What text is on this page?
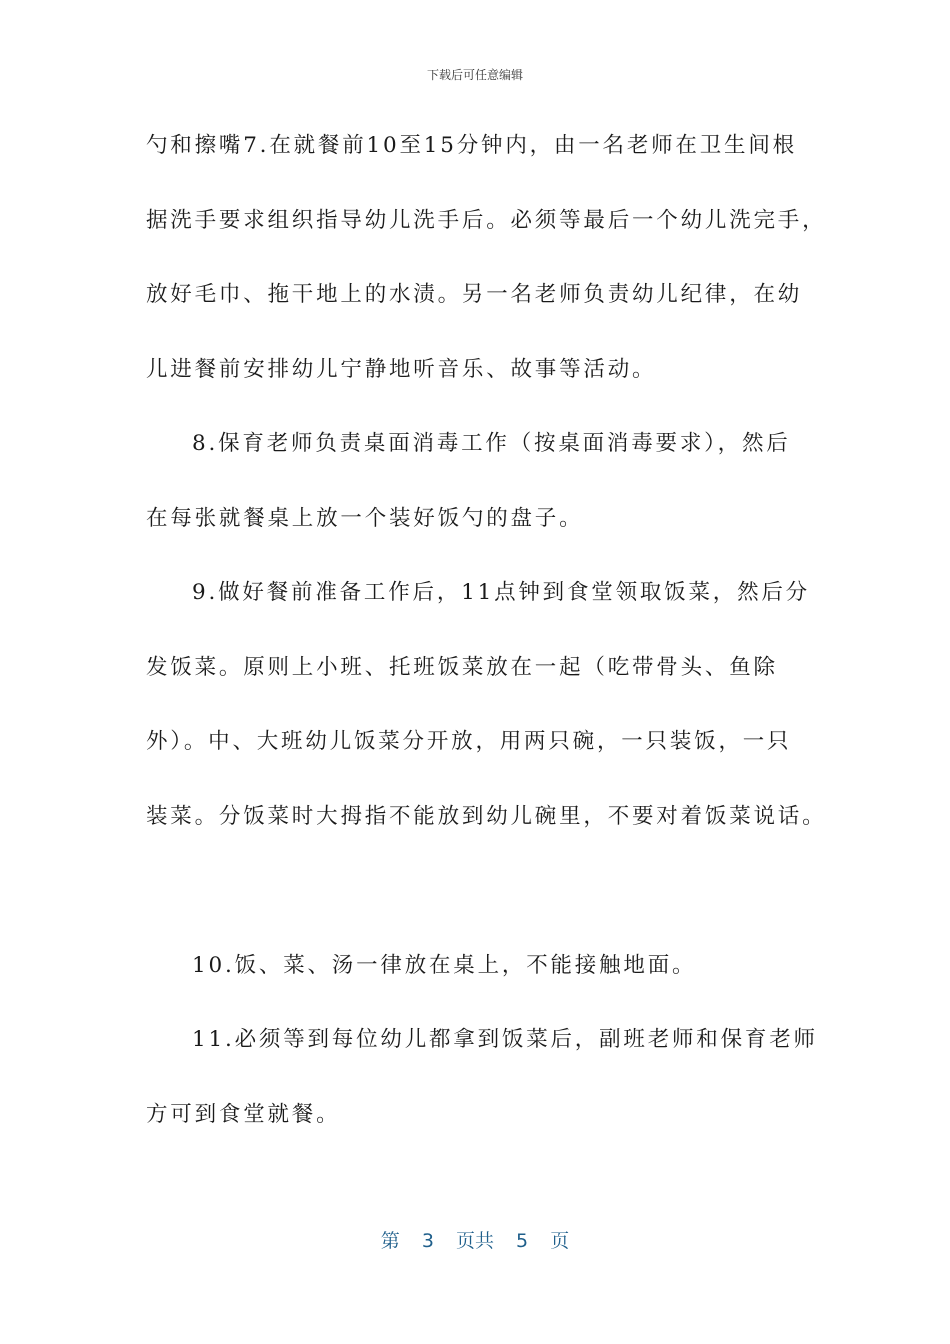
下载后可任意编辑
勺和擦嘴7.在就餐前10至15分钟内，由一名老师在卫生间根
据洗手要求组织指导幼儿洗手后。必须等最后一个幼儿洗完手，
放好毛巾、拖干地上的水渍。另一名老师负责幼儿纪律，在幼
儿进餐前安排幼儿宁静地听音乐、故事等活动。
8.保育老师负责桌面消毒工作（按桌面消毒要求），然后
在每张就餐桌上放一个装好饭勺的盘子。
9.做好餐前准备工作后，11点钟到食堂领取饭菜，然后分
发饭菜。原则上小班、托班饭菜放在一起（吃带骨头、鱼除
外）。中、大班幼儿饭菜分开放，用两只碗，一只装饭，一只
装菜。分饭菜时大拇指不能放到幼儿碗里，不要对着饭菜说话。
10.饭、菜、汤一律放在桌上，不能接触地面。
11.必须等到每位幼儿都拿到饭菜后，副班老师和保育老师
方可到食堂就餐。
第 3 页共 5 页
